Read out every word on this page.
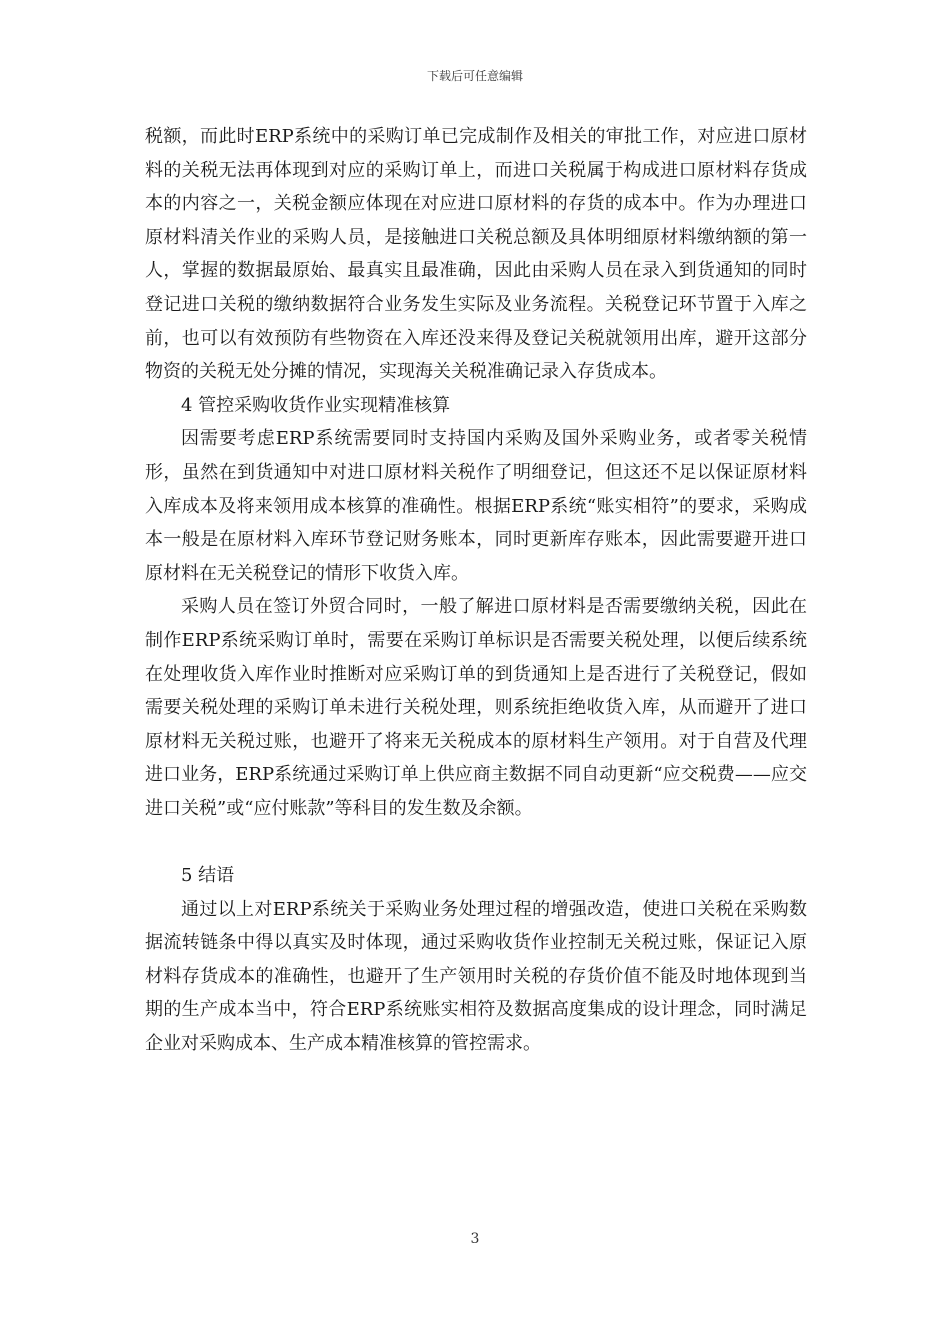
下载后可任意编辑

税额，而此时ERP系统中的采购订单已完成制作及相关的审批工作，对应进口原材料的关税无法再体现到对应的采购订单上，而进口关税属于构成进口原材料存货成本的内容之一，关税金额应体现在对应进口原材料的存货的成本中。作为办理进口原材料清关作业的采购人员，是接触进口关税总额及具体明细原材料缴纳额的第一人，掌握的数据最原始、最真实且最准确，因此由采购人员在录入到货通知的同时登记进口关税的缴纳数据符合业务发生实际及业务流程。关税登记环节置于入库之前，也可以有效预防有些物资在入库还没来得及登记关税就领用出库，避开这部分物资的关税无处分摊的情况，实现海关关税准确记录入存货成本。

4 管控采购收货作业实现精准核算

因需要考虑ERP系统需要同时支持国内采购及国外采购业务，或者零关税情形，虽然在到货通知中对进口原材料关税作了明细登记，但这还不足以保证原材料入库成本及将来领用成本核算的准确性。根据ERP系统“账实相符”的要求，采购成本一般是在原材料入库环节登记财务账本，同时更新库存账本，因此需要避开进口原材料在无关税登记的情形下收货入库。

采购人员在签订外贸合同时，一般了解进口原材料是否需要缴纳关税，因此在制作ERP系统采购订单时，需要在采购订单标识是否需要关税处理，以便后续系统在处理收货入库作业时推断对应采购订单的到货通知上是否进行了关税登记，假如需要关税处理的采购订单未进行关税处理，则系统拒绝收货入库，从而避开了进口原材料无关税过账，也避开了将来无关税成本的原材料生产领用。对于自营及代理进口业务，ERP系统通过采购订单上供应商主数据不同自动更新“应交税费——应交进口关税”或“应付账款”等科目的发生数及余额。

5 结语

通过以上对ERP系统关于采购业务处理过程的增强改造，使进口关税在采购数据流转链条中得以真实及时体现，通过采购收货作业控制无关税过账，保证记入原材料存货成本的准确性，也避开了生产领用时关税的存货价值不能及时地体现到当期的生产成本当中，符合ERP系统账实相符及数据高度集成的设计理念，同时满足企业对采购成本、生产成本精准核算的管控需求。

3
